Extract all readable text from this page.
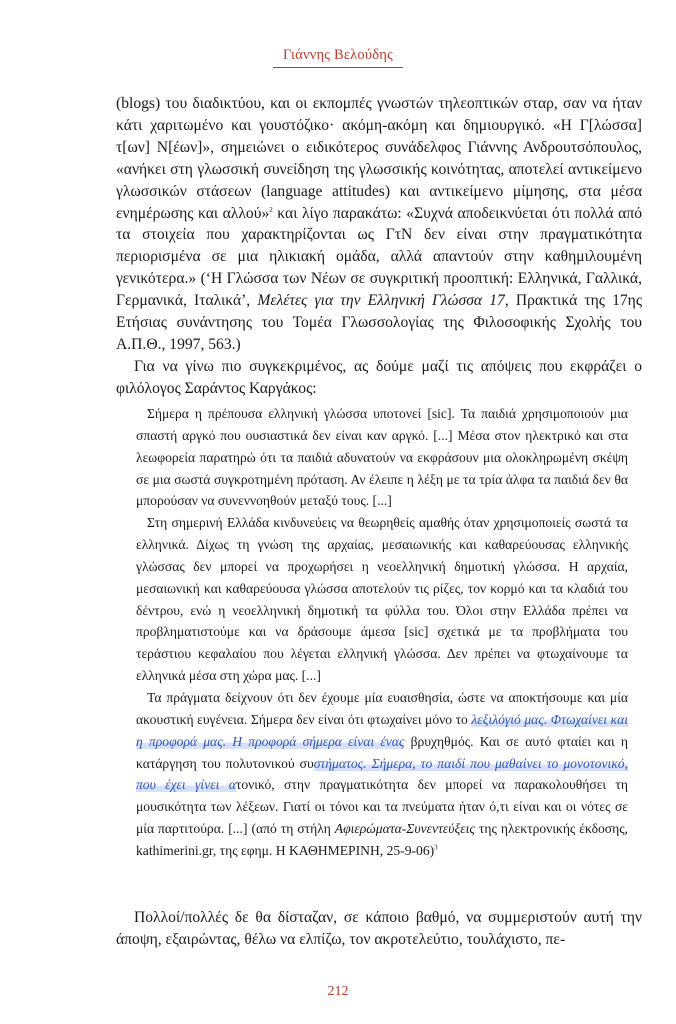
Γιάννης Βελούδης

(blogs) του διαδικτύου, και οι εκπομπές γνωστών τηλεοπτικών σταρ, σαν να ήταν κάτι χαριτωμένο και γουστόζικο· ακόμη-ακόμη και δημιουργικό. «Η Γ[λώσσα] τ[ων] Ν[έων]», σημειώνει ο ειδικότερος συνάδελφος Γιάννης Ανδρουτσόπουλος, «ανήκει στη γλωσσική συνείδηση της γλωσσικής κοινότητας, αποτελεί αντικείμενο γλωσσικών στάσεων (language attitudes) και αντικείμενο μίμησης, στα μέσα ενημέρωσης και αλλού»$^2$ και λίγο παρακάτω: «Συχνά αποδεικνύεται ότι πολλά από τα στοιχεία που χαρακτηρίζονται ως ΓτΝ δεν είναι στην πραγματικότητα περιορισμένα σε μια ηλικιακή ομάδα, αλλά απαντούν στην καθημιλουμένη γενικότερα.» (‘Η Γλώσσα των Νέων σε συγκριτική προοπτική: Ελληνικά, Γαλλικά, Γερμανικά, Ιταλικά’, Μελέτες για την Ελληνική Γλώσσα 17, Πρακτικά της 17ης Ετήσιας συνάντησης του Τομέα Γλωσσολογίας της Φιλοσοφικής Σχολής του Α.Π.Θ., 1997, 563.)

Για να γίνω πιο συγκεκριμένος, ας δούμε μαζί τις απόψεις που εκφράζει ο φιλόλογος Σαράντος Καργάκος:

Σήμερα η πρέπουσα ελληνική γλώσσα υποτονεί [sic]. Τα παιδιά χρησιμοποιούν μια σπαστή αργκό που ουσιαστικά δεν είναι καν αργκό. [...] Μέσα στον ηλεκτρικό και στα λεωφορεία παρατηρώ ότι τα παιδιά αδυνατούν να εκφράσουν μια ολοκληρωμένη σκέψη σε μια σωστά συγκροτημένη πρόταση. Αν έλειπε η λέξη με τα τρία άλφα τα παιδιά δεν θα μπορούσαν να συνεννοηθούν μεταξύ τους. [...]

Στη σημερινή Ελλάδα κινδυνεύεις να θεωρηθείς αμαθής όταν χρησιμοποιείς σωστά τα ελληνικά. Δίχως τη γνώση της αρχαίας, μεσαιωνικής και καθαρεύουσας ελληνικής γλώσσας δεν μπορεί να προχωρήσει η νεοελληνική δημοτική γλώσσα. Η αρχαία, μεσαιωνική και καθαρεύουσα γλώσσα αποτελούν τις ρίζες, τον κορμό και τα κλαδιά του δέντρου, ενώ η νεοελληνική δημοτική τα φύλλα του. Όλοι στην Ελλάδα πρέπει να προβληματιστούμε και να δράσουμε άμεσα [sic] σχετικά με τα προβλήματα του τεράστιου κεφαλαίου που λέγεται ελληνική γλώσσα. Δεν πρέπει να φτωχαίνουμε τα ελληνικά μέσα στη χώρα μας. [...]

Τα πράγματα δείχνουν ότι δεν έχουμε μία ευαισθησία, ώστε να αποκτήσουμε και μία ακουστική ευγένεια. Σήμερα δεν είναι ότι φτωχαίνει μόνο το λεξιλόγιό μας. Φτωχαίνει και η προφορά μας. Η προφορά σήμερα είναι ένας βρυχηθμός. Και σε αυτό φταίει και η κατάργηση του πολυτονικού συστήματος. Σήμερα, το παιδί που μαθαίνει το μονοτονικό, που έχει γίνει ατονικό, στην πραγματικότητα δεν μπορεί να παρακολουθήσει τη μουσικότητα των λέξεων. Γιατί οι τόνοι και τα πνεύματα ήταν ό,τι είναι και οι νότες σε μία παρτιτούρα. [...] (από τη στήλη Αφιερώματα-Συνεντεύξεις της ηλεκτρονικής έκδοσης, kathimerini.gr, της εφημ. Η ΚΑΘΗΜΕΡΙΝΗ, 25-9-06)$^3$

Πολλοί/πολλές δε θα δίσταζαν, σε κάποιο βαθμό, να συμμεριστούν αυτή την άποψη, εξαιρώντας, θέλω να ελπίζω, τον ακροτελεύτιο, τουλάχιστο, πε-

212
